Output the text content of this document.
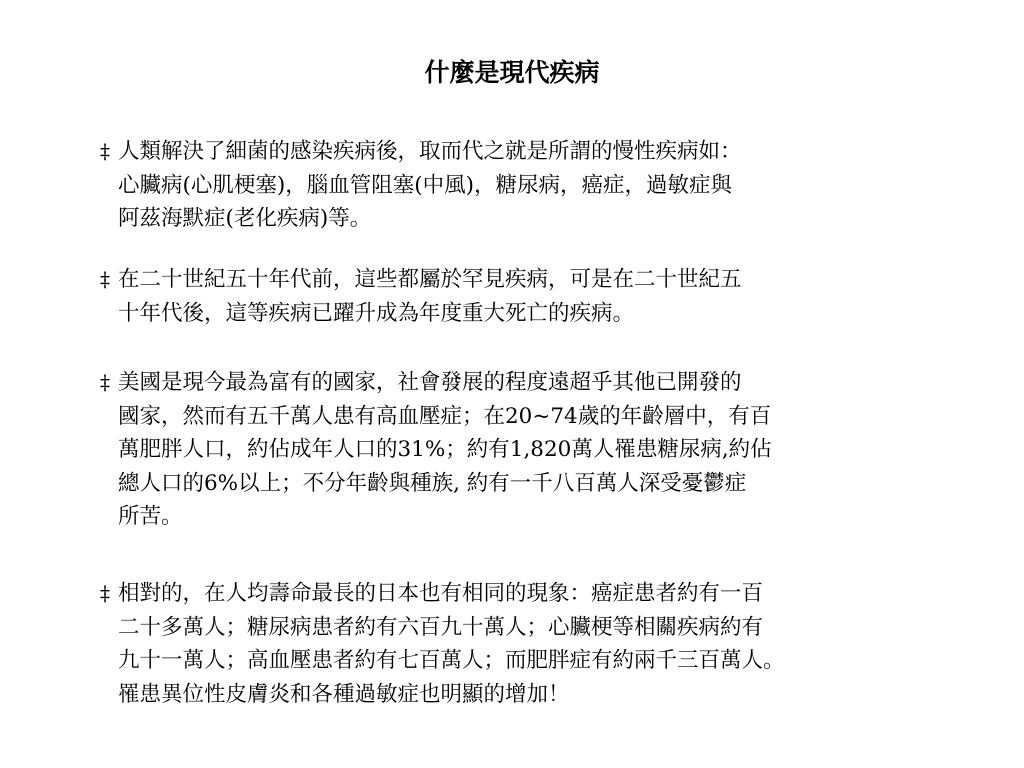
什麼是現代疾病
‡ 人類解決了細菌的感染疾病後，取而代之就是所謂的慢性疾病如：
心臟病(心肌梗塞)，腦血管阻塞(中風)，糖尿病，癌症，過敏症與
阿茲海默症(老化疾病)等。
‡ 在二十世紀五十年代前，這些都屬於罕見疾病，可是在二十世紀五
十年代後，這等疾病已躍升成為年度重大死亡的疾病。
‡ 美國是現今最為富有的國家，社會發展的程度遠超乎其他已開發的
國家，然而有五千萬人患有高血壓症；在20~74歲的年齡層中，有百
萬肥胖人口，約佔成年人口的31%；約有1,820萬人罹患糖尿病,約佔
總人口的6%以上；不分年齡與種族, 約有一千八百萬人深受憂鬱症
所苦。
‡ 相對的，在人均壽命最長的日本也有相同的現象：癌症患者約有一百
二十多萬人；糖尿病患者約有六百九十萬人；心臟梗等相關疾病約有
九十一萬人；高血壓患者約有七百萬人；而肥胖症有約兩千三百萬人。
罹患異位性皮膚炎和各種過敏症也明顯的增加！
